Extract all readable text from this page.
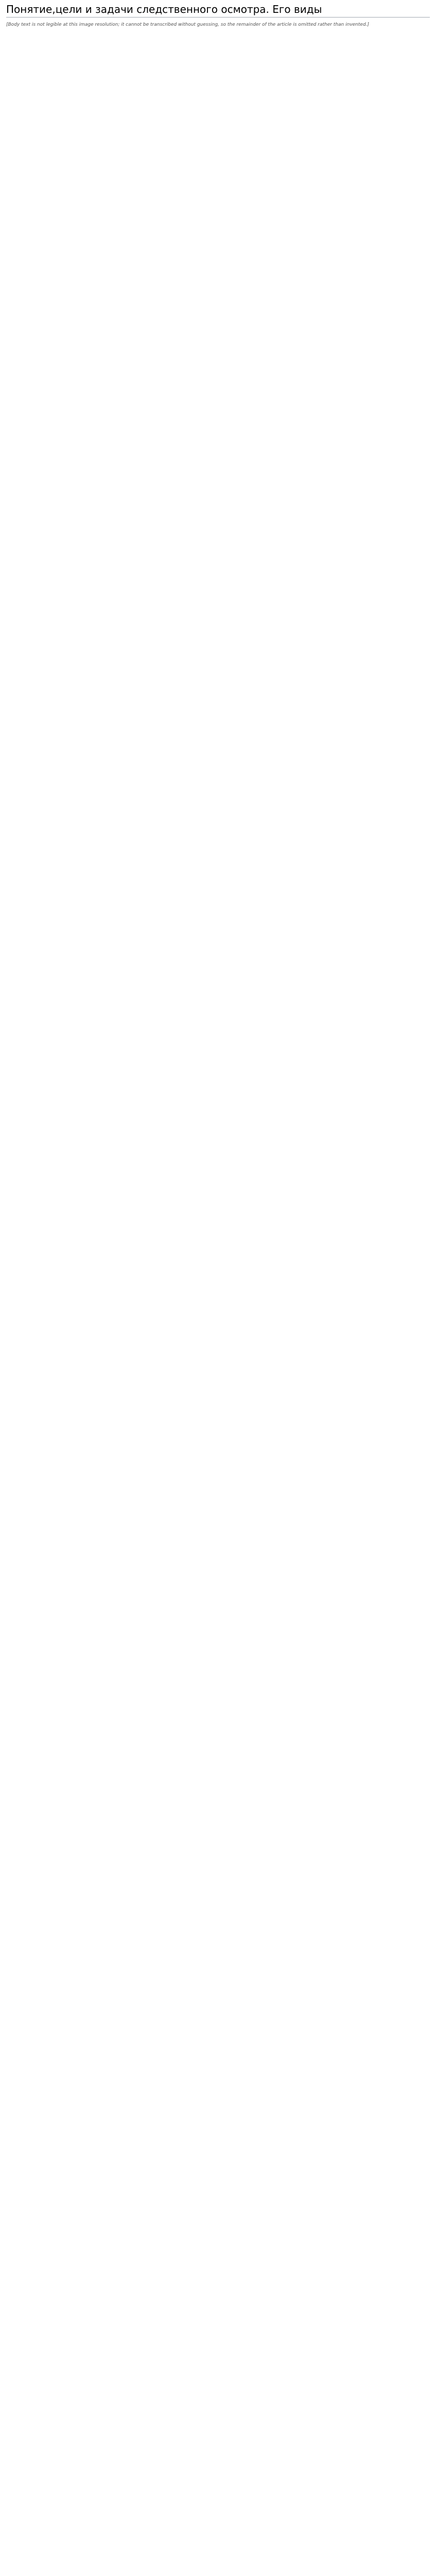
Понятие,цели и задачи следственного осмотра. Его виды

[Body text is not legible at this image resolution; it cannot be transcribed without guessing, so the remainder of the article is omitted rather than invented.]
